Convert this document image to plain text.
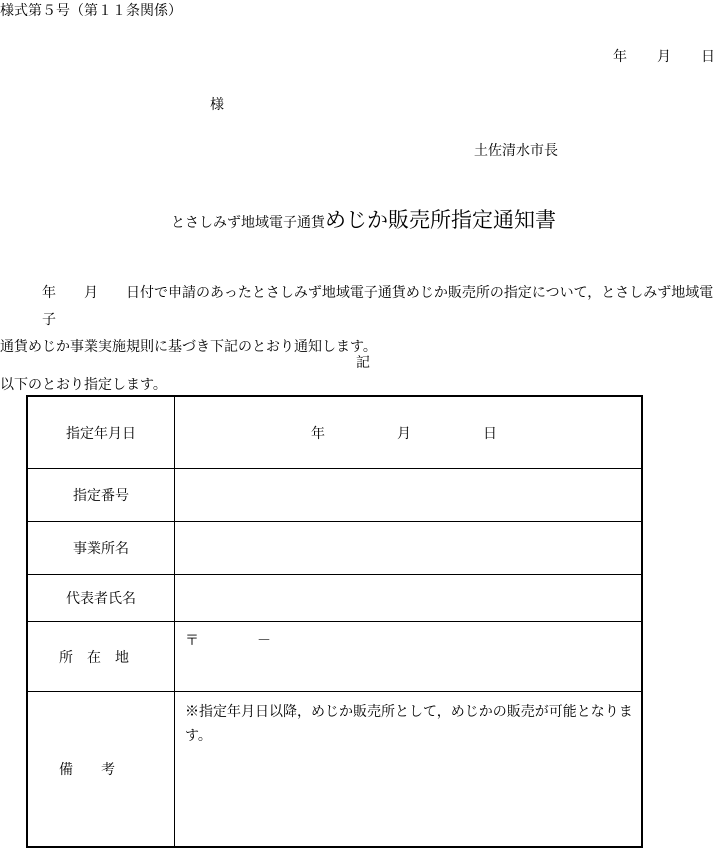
様式第５号（第１１条関係）
年 月 日
様
土佐清水市長
とさしみず地域電子通貨めじか販売所指定通知書
年　　月　　日付で申請のあったとさしみず地域電子通貨めじか販売所の指定について，とさしみず地域電子
通貨めじか事業実施規則に基づき下記のとおり通知します。
記
以下のとおり指定します。
指定年月日	年 月 日

指定番号	
事業所名	
代表者氏名	
所在地	〒 －

備考	※指定年月日以降，めじか販売所として，めじかの販売が可能となります。
